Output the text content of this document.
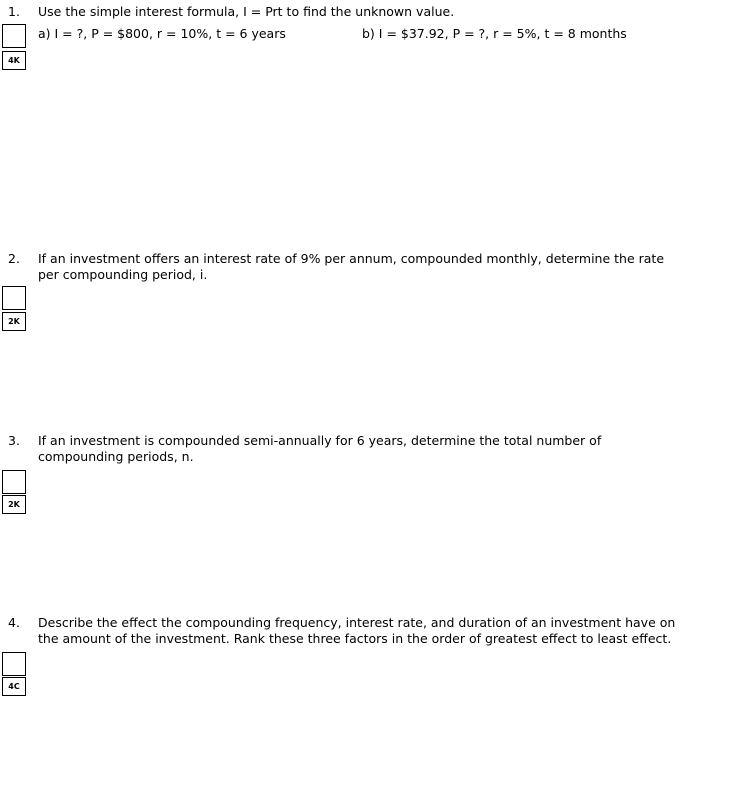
1. Use the simple interest formula, I = Prt to find the unknown value.
a) I = ?, P = $800, r = 10%, t = 6 years	b) I = $37.92, P = ?, r = 5%, t = 8 months
4K
2. If an investment offers an interest rate of 9% per annum, compounded monthly, determine the rate per compounding period, i.
2K
3. If an investment is compounded semi-annually for 6 years, determine the total number of compounding periods, n.
2K
4. Describe the effect the compounding frequency, interest rate, and duration of an investment have on the amount of the investment. Rank these three factors in the order of greatest effect to least effect.
4C
